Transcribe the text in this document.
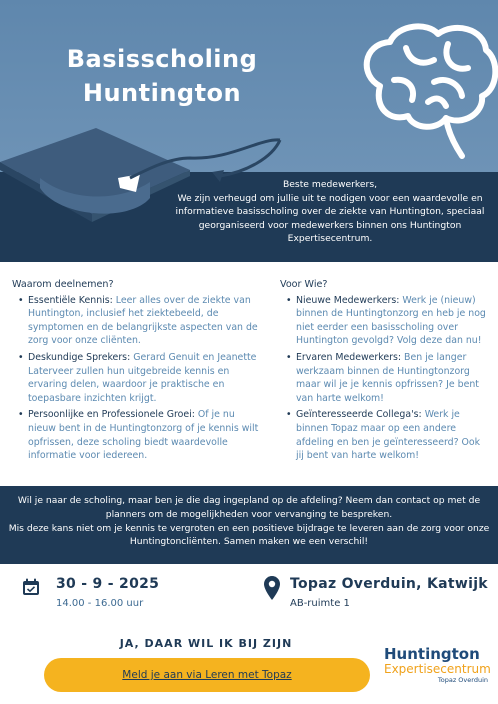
Basisscholing
Huntington
Beste medewerkers,
We zijn verheugd om jullie uit te nodigen voor een waardevolle en informatieve basisscholing over de ziekte van Huntington, speciaal georganiseerd voor medewerkers binnen ons Huntington Expertisecentrum.
Waarom deelnemen?
• Essentiële Kennis: Leer alles over de ziekte van Huntington, inclusief het ziektebeeld, de symptomen en de belangrijkste aspecten van de zorg voor onze cliënten.
• Deskundige Sprekers: Gerard Genuit en Jeanette Laterveer zullen hun uitgebreide kennis en ervaring delen, waardoor je praktische en toepasbare inzichten krijgt.
• Persoonlijke en Professionele Groei: Of je nu nieuw bent in de Huntingtonzorg of je kennis wilt opfrissen, deze scholing biedt waardevolle informatie voor iedereen.
Voor Wie?
• Nieuwe Medewerkers: Werk je (nieuw) binnen de Huntingtonzorg en heb je nog niet eerder een basisscholing over Huntington gevolgd? Volg deze dan nu!
• Ervaren Medewerkers: Ben je langer werkzaam binnen de Huntingtonzorg maar wil je je kennis opfrissen? Je bent van harte welkom!
• Geïnteresseerde Collega's: Werk je binnen Topaz maar op een andere afdeling en ben je geïnteresseerd? Ook jij bent van harte welkom!
Wil je naar de scholing, maar ben je die dag ingepland op de afdeling? Neem dan contact op met de planners om de mogelijkheden voor vervanging te bespreken.
Mis deze kans niet om je kennis te vergroten en een positieve bijdrage te leveren aan de zorg voor onze Huntingtoncliënten. Samen maken we een verschil!
30 - 9 - 2025
14.00 - 16.00 uur
Topaz Overduin, Katwijk
AB-ruimte 1
JA, DAAR WIL IK BIJ ZIJN
Meld je aan via Leren met Topaz
Huntington
Expertisecentrum
Topaz Overduin
